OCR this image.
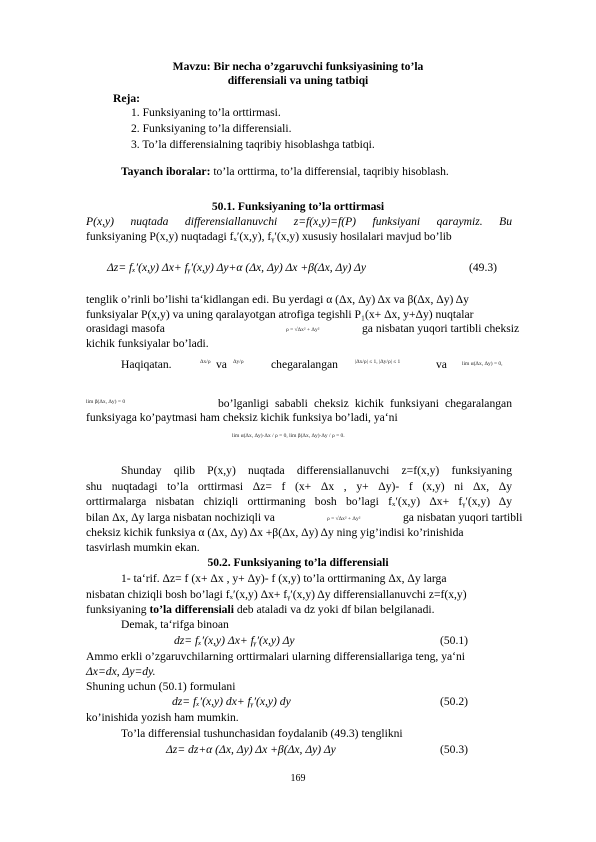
Mavzu: Bir necha o’zgaruvchi funksiyasining to’la
differensiali va uning tatbiqi
Reja:
1. Funksiyaning to’la orttirmasi.
2. Funksiyaning to’la differensiali.
3. To’la differensialning taqribiy hisoblashga tatbiqi.
Tayanch iboralar: to’la orttirma, to’la differensial, taqribiy hisoblash.
50.1. Funksiyaning to’la orttirmasi
P(x,y) nuqtada differensiallanuvchi z=f(x,y)=f(P) funksiyani qaraymiz. Bu
funksiyaning P(x,y) nuqtadagi fₓ′(x,y), fᵧ′(x,y) xususiy hosilalari mavjud bo’lib
Δz= fₓ′(x,y) Δx+ fᵧ′(x,y) Δy+α (Δx, Δy) Δx +β(Δx, Δy) Δy	(49.3)
tenglik o’rinli bo’lishi ta‘kidlangan edi. Bu yerdagi α (Δx, Δy) Δx va β(Δx, Δy) Δy
funksiyalar P(x,y) va uning qaralayotgan atrofiga tegishli P₁(x+ Δx, y+Δy) nuqtalar
orasidagi masofa	ρ = √Δx² + Δy²	ga nisbatan yuqori tartibli cheksiz
kichik funksiyalar bo’ladi.
Haqiqatan.	Δx/ρ va Δy/ρ chegaralangan	|Δx/ρ| ≤ 1, |Δy/ρ| ≤ 1	va	lim α(Δx, Δy) = 0,
lim β(Δx, Δy) = 0	bo’lganligi sababli cheksiz kichik funksiyani chegaralangan
funksiyaga ko’paytmasi ham cheksiz kichik funksiya bo’ladi, ya‘ni
lim α(Δx, Δy)·Δx / ρ = 0, lim β(Δx, Δy)·Δy / ρ = 0.
Shunday qilib P(x,y) nuqtada differensiallanuvchi z=f(x,y) funksiyaning
shu nuqtadagi to’la orttirmasi Δz= f (x+ Δx , y+ Δy)- f (x,y) ni Δx, Δy
orttirmalarga nisbatan chiziqli orttirmaning bosh bo’lagi fₓ′(x,y) Δx+ fᵧ′(x,y) Δy
bilan Δx, Δy larga nisbatan nochiziqli va	ρ = √Δx² + Δy²	ga nisbatan yuqori tartibli
cheksiz kichik funksiya α (Δx, Δy) Δx +β(Δx, Δy) Δy ning yig’indisi ko’rinishida
tasvirlash mumkin ekan.
50.2. Funksiyaning to’la differensiali
1- ta‘rif. Δz= f (x+ Δx , y+ Δy)- f (x,y) to’la orttirmaning Δx, Δy larga
nisbatan chiziqli bosh bo’lagi fₓ′(x,y) Δx+ fᵧ′(x,y) Δy differensiallanuvchi z=f(x,y)
funksiyaning to’la differensiali deb ataladi va dz yoki df bilan belgilanadi.
Demak, ta‘rifga binoan
dz= fₓ′(x,y) Δx+ fᵧ′(x,y) Δy	(50.1)
Ammo erkli o’zgaruvchilarning orttirmalari ularning differensiallariga teng, ya‘ni
Δx=dx, Δy=dy.
Shuning uchun (50.1) formulani
dz= fₓ′(x,y) dx+ fᵧ′(x,y) dy	(50.2)
ko’inishida yozish ham mumkin.
To’la differensial tushunchasidan foydalanib (49.3) tenglikni
Δz= dz+α (Δx, Δy) Δx +β(Δx, Δy) Δy	(50.3)
169
